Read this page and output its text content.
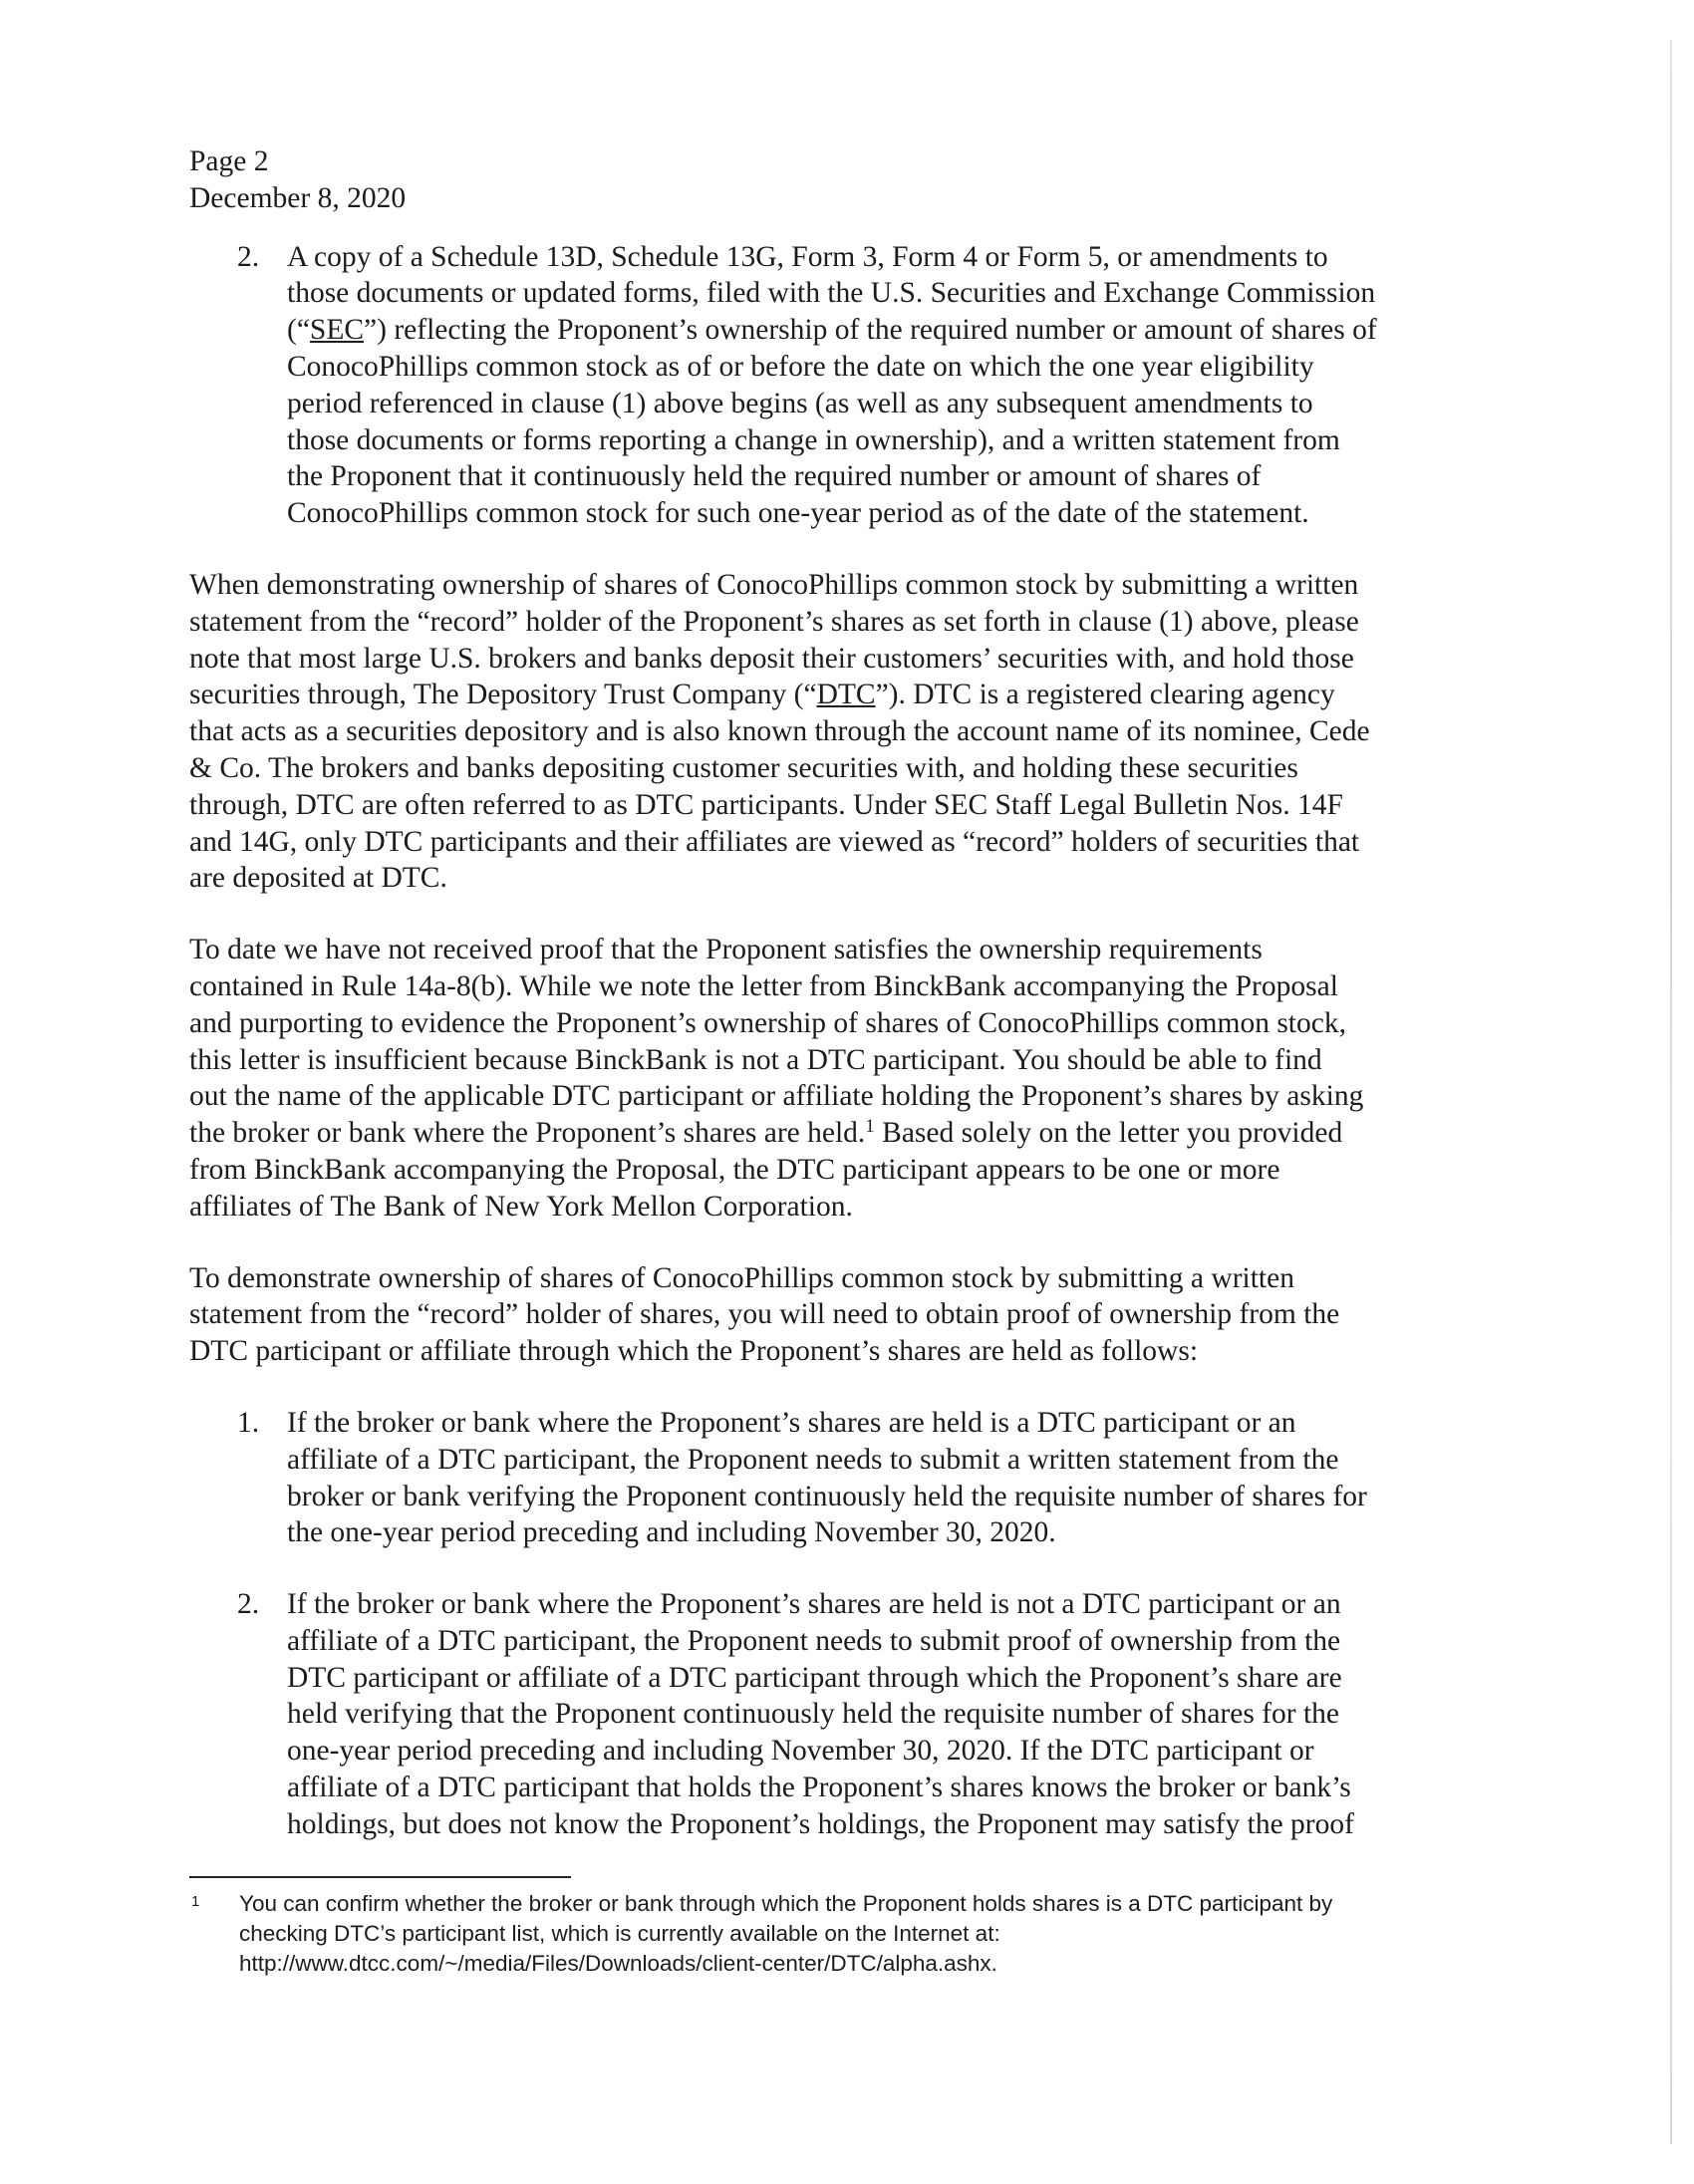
Page 2
December 8, 2020
2. A copy of a Schedule 13D, Schedule 13G, Form 3, Form 4 or Form 5, or amendments to
those documents or updated forms, filed with the U.S. Securities and Exchange Commission
(“SEC”) reflecting the Proponent’s ownership of the required number or amount of shares of
ConocoPhillips common stock as of or before the date on which the one year eligibility
period referenced in clause (1) above begins (as well as any subsequent amendments to
those documents or forms reporting a change in ownership), and a written statement from
the Proponent that it continuously held the required number or amount of shares of
ConocoPhillips common stock for such one-year period as of the date of the statement.
When demonstrating ownership of shares of ConocoPhillips common stock by submitting a written
statement from the “record” holder of the Proponent’s shares as set forth in clause (1) above, please
note that most large U.S. brokers and banks deposit their customers’ securities with, and hold those
securities through, The Depository Trust Company (“DTC”). DTC is a registered clearing agency
that acts as a securities depository and is also known through the account name of its nominee, Cede
& Co. The brokers and banks depositing customer securities with, and holding these securities
through, DTC are often referred to as DTC participants. Under SEC Staff Legal Bulletin Nos. 14F
and 14G, only DTC participants and their affiliates are viewed as “record” holders of securities that
are deposited at DTC.
To date we have not received proof that the Proponent satisfies the ownership requirements
contained in Rule 14a-8(b). While we note the letter from BinckBank accompanying the Proposal
and purporting to evidence the Proponent’s ownership of shares of ConocoPhillips common stock,
this letter is insufficient because BinckBank is not a DTC participant. You should be able to find
out the name of the applicable DTC participant or affiliate holding the Proponent’s shares by asking
the broker or bank where the Proponent’s shares are held.$^1$ Based solely on the letter you provided
from BinckBank accompanying the Proposal, the DTC participant appears to be one or more
affiliates of The Bank of New York Mellon Corporation.
To demonstrate ownership of shares of ConocoPhillips common stock by submitting a written
statement from the “record” holder of shares, you will need to obtain proof of ownership from the
DTC participant or affiliate through which the Proponent’s shares are held as follows:
1. If the broker or bank where the Proponent’s shares are held is a DTC participant or an
affiliate of a DTC participant, the Proponent needs to submit a written statement from the
broker or bank verifying the Proponent continuously held the requisite number of shares for
the one-year period preceding and including November 30, 2020.
2. If the broker or bank where the Proponent’s shares are held is not a DTC participant or an
affiliate of a DTC participant, the Proponent needs to submit proof of ownership from the
DTC participant or affiliate of a DTC participant through which the Proponent’s share are
held verifying that the Proponent continuously held the requisite number of shares for the
one-year period preceding and including November 30, 2020. If the DTC participant or
affiliate of a DTC participant that holds the Proponent’s shares knows the broker or bank’s
holdings, but does not know the Proponent’s holdings, the Proponent may satisfy the proof
1 You can confirm whether the broker or bank through which the Proponent holds shares is a DTC participant by
checking DTC’s participant list, which is currently available on the Internet at:
http://www.dtcc.com/~/media/Files/Downloads/client-center/DTC/alpha.ashx.
